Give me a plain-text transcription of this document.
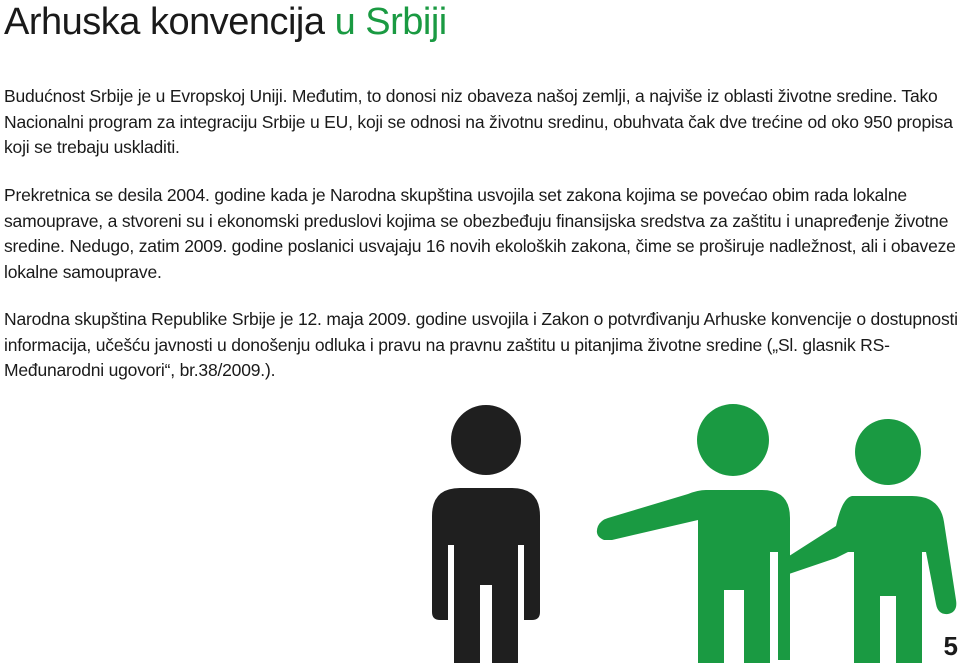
Arhuska konvencija u Srbiji

Budućnost Srbije je u Evropskoj Uniji. Međutim, to donosi niz obaveza našoj zemlji, a najviše iz oblasti životne sredine. Tako Nacionalni program za integraciju Srbije u EU, koji se odnosi na životnu sredinu, obuhvata čak dve trećine od oko 950 propisa koji se trebaju uskladiti.

Prekretnica se desila 2004. godine kada je Narodna skupština usvojila set zakona kojima se povećao obim rada lokalne samouprave, a stvoreni su i ekonomski preduslovi kojima se obezbeđuju finansijska sredstva za zaštitu i unapređenje životne sredine. Nedugo, zatim 2009. godine poslanici usvajaju 16 novih ekoloških zakona, čime se proširuje nadležnost, ali i obaveze lokalne samouprave.

Narodna skupština Republike Srbije je 12. maja 2009. godine usvojila i Zakon o potvrđivanju Arhuske konvencije o dostupnosti informacija, učešću javnosti u donošenju odluka i pravu na pravnu zaštitu u pitanjima životne sredine („Sl. glasnik RS-Međunarodni ugovori“, br.38/2009.).

5
